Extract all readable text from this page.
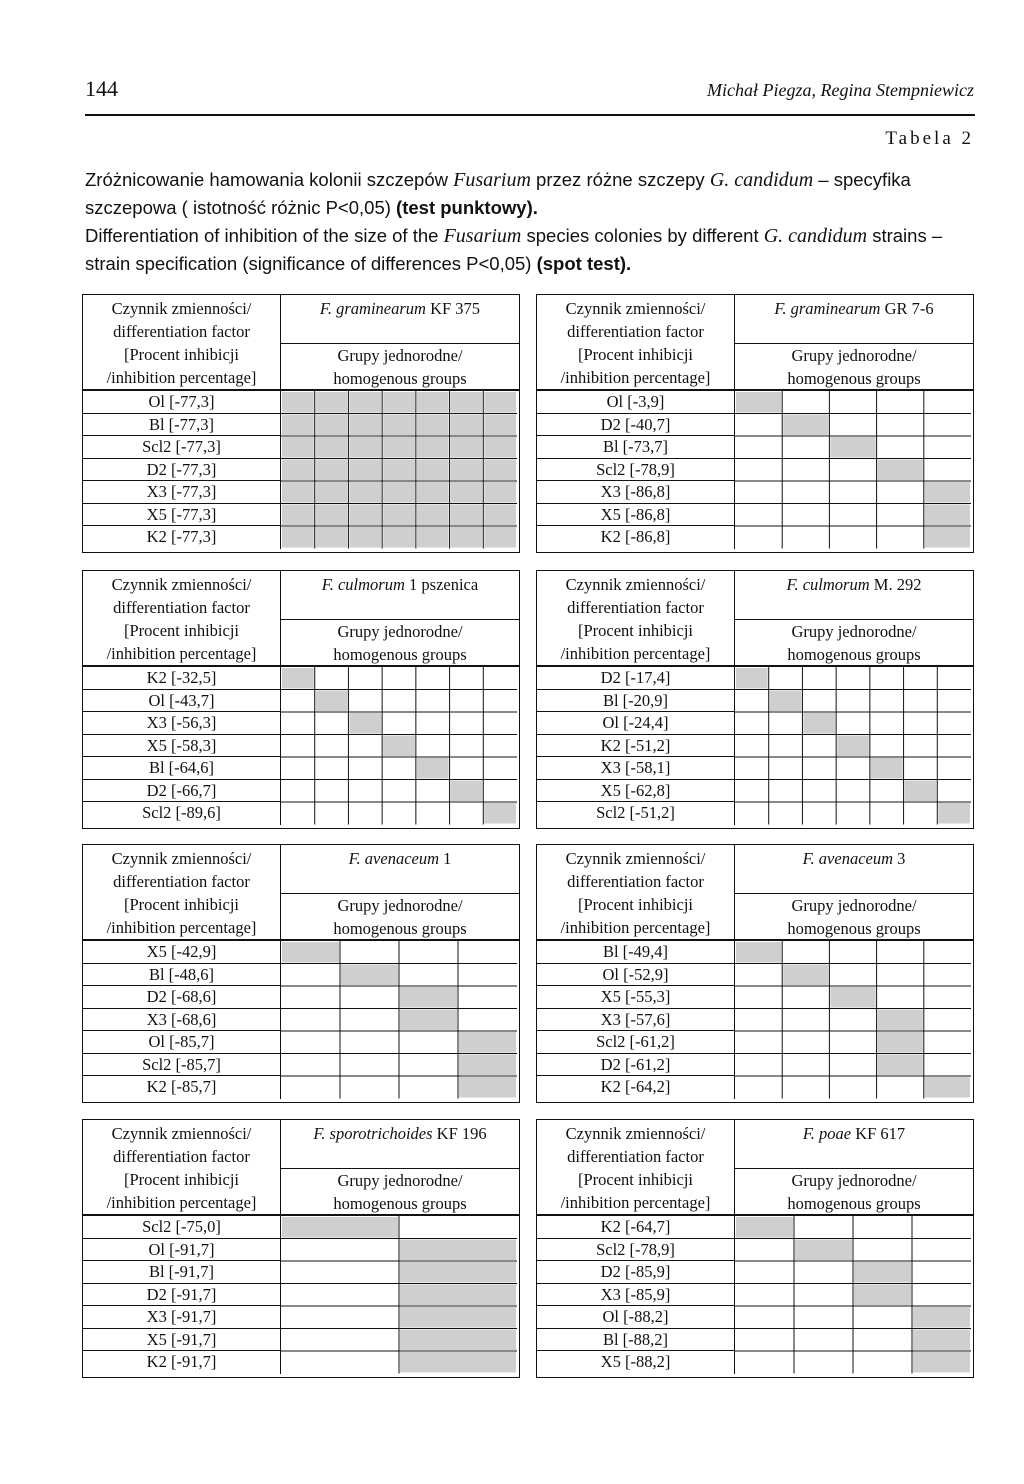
144	Michał Piegza, Regina Stempniewicz
Tabela 2

Zróżnicowanie hamowania kolonii szczepów Fusarium przez różne szczepy G. candidum – specyfika szczepowa ( istotność różnic P<0,05) (test punktowy).

Differentiation of inhibition of the size of the Fusarium species colonies by different G. candidum strains – strain specification (significance of differences P<0,05) (spot test).

Czynnik zmienności/
differentiation factor
[Procent inhibicji
/inhibition percentage]
F. graminearum KF 375
Grupy jednorodne/
homogenous groups
Ol [-77,3]
Bl [-77,3]
Scl2 [-77,3]
D2 [-77,3]
X3 [-77,3]
X5 [-77,3]
K2 [-77,3]
Czynnik zmienności/
differentiation factor
[Procent inhibicji
/inhibition percentage]
F. graminearum GR 7-6
Grupy jednorodne/
homogenous groups
Ol [-3,9]
D2 [-40,7]
Bl [-73,7]
Scl2 [-78,9]
X3 [-86,8]
X5 [-86,8]
K2 [-86,8]
Czynnik zmienności/
differentiation factor
[Procent inhibicji
/inhibition percentage]
F. culmorum 1 pszenica
Grupy jednorodne/
homogenous groups
K2 [-32,5]
Ol [-43,7]
X3 [-56,3]
X5 [-58,3]
Bl [-64,6]
D2 [-66,7]
Scl2 [-89,6]
Czynnik zmienności/
differentiation factor
[Procent inhibicji
/inhibition percentage]
F. culmorum M. 292
Grupy jednorodne/
homogenous groups
D2 [-17,4]
Bl [-20,9]
Ol [-24,4]
K2 [-51,2]
X3 [-58,1]
X5 [-62,8]
Scl2 [-51,2]
Czynnik zmienności/
differentiation factor
[Procent inhibicji
/inhibition percentage]
F. avenaceum 1
Grupy jednorodne/
homogenous groups
X5 [-42,9]
Bl [-48,6]
D2 [-68,6]
X3 [-68,6]
Ol [-85,7]
Scl2 [-85,7]
K2 [-85,7]
Czynnik zmienności/
differentiation factor
[Procent inhibicji
/inhibition percentage]
F. avenaceum 3
Grupy jednorodne/
homogenous groups
Bl [-49,4]
Ol [-52,9]
X5 [-55,3]
X3 [-57,6]
Scl2 [-61,2]
D2 [-61,2]
K2 [-64,2]
Czynnik zmienności/
differentiation factor
[Procent inhibicji
/inhibition percentage]
F. sporotrichoides KF 196
Grupy jednorodne/
homogenous groups
Scl2 [-75,0]
Ol [-91,7]
Bl [-91,7]
D2 [-91,7]
X3 [-91,7]
X5 [-91,7]
K2 [-91,7]
Czynnik zmienności/
differentiation factor
[Procent inhibicji
/inhibition percentage]
F. poae KF 617
Grupy jednorodne/
homogenous groups
K2 [-64,7]
Scl2 [-78,9]
D2 [-85,9]
X3 [-85,9]
Ol [-88,2]
Bl [-88,2]
X5 [-88,2]
